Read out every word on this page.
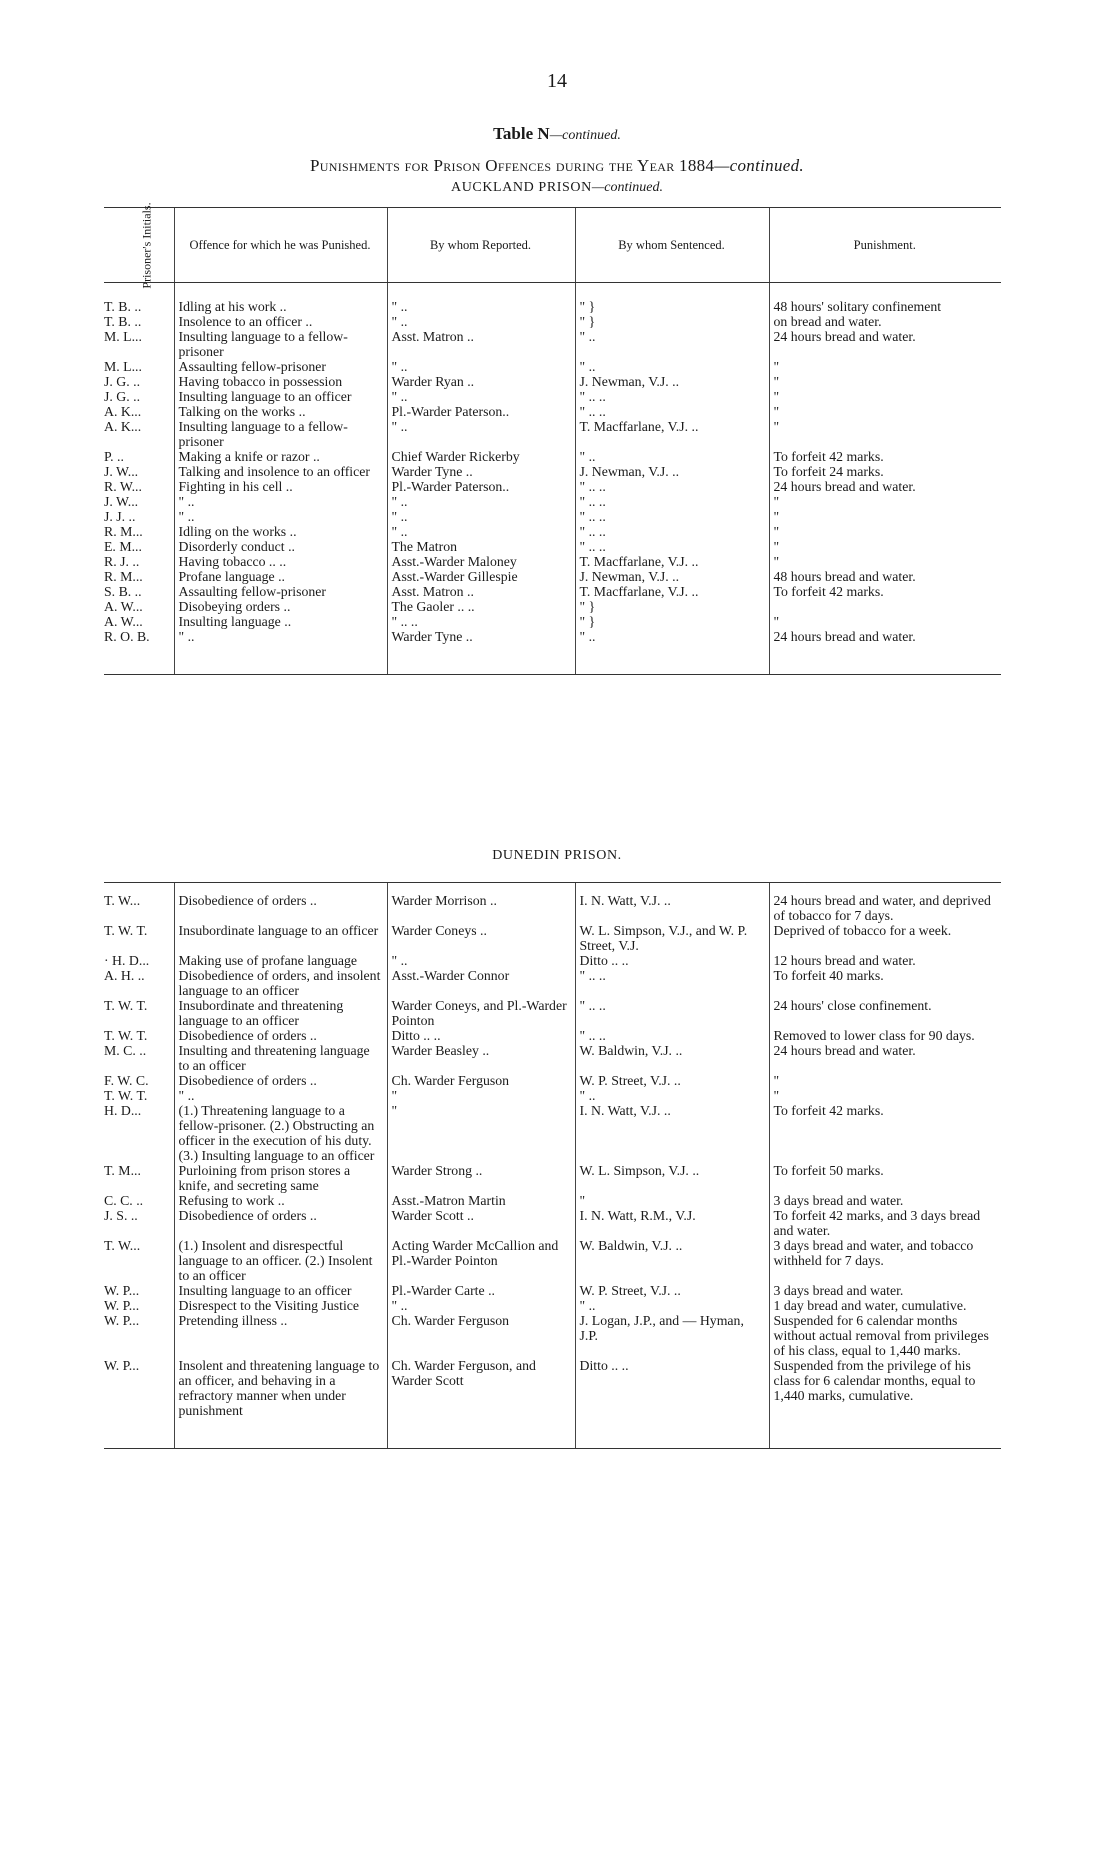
14
Table N—continued.
Punishments for Prison Offences during the Year 1884—continued.
AUCKLAND PRISON—continued.
Prisoner's Initials.	Offence for which he was Punished.	By whom Reported.	By whom Sentenced.	Punishment.
T. B. ..	Idling at his work ..	" ..	" }	48 hours' solitary confinement
T. B. ..	Insolence to an officer ..	" ..	" }	on bread and water.
M. L...	Insulting language to a fellow-prisoner	Asst. Matron ..	" ..	24 hours bread and water.
M. L...	Assaulting fellow-prisoner	" ..	" ..	"
J. G. ..	Having tobacco in possession	Warder Ryan ..	J. Newman, V.J. ..	"
J. G. ..	Insulting language to an officer	" ..	" .. ..	"
A. K...	Talking on the works ..	Pl.-Warder Paterson..	" .. ..	"
A. K...	Insulting language to a fellow-prisoner	" ..	T. Macffarlane, V.J. ..	"
P. ..	Making a knife or razor ..	Chief Warder Rickerby	" ..	To forfeit 42 marks.
J. W...	Talking and insolence to an officer	Warder Tyne ..	J. Newman, V.J. ..	To forfeit 24 marks.
R. W...	Fighting in his cell ..	Pl.-Warder Paterson..	" .. ..	24 hours bread and water.
J. W...	" ..	" ..	" .. ..	"
J. J. ..	" ..	" ..	" .. ..	"
R. M...	Idling on the works ..	" ..	" .. ..	"
E. M...	Disorderly conduct ..	The Matron	" .. ..	"
R. J. ..	Having tobacco .. ..	Asst.-Warder Maloney	T. Macffarlane, V.J. ..	"
R. M...	Profane language ..	Asst.-Warder Gillespie	J. Newman, V.J. ..	48 hours bread and water.
S. B. ..	Assaulting fellow-prisoner	Asst. Matron ..	T. Macffarlane, V.J. ..	To forfeit 42 marks.
A. W...	Disobeying orders ..	The Gaoler .. ..	" }	
A. W...	Insulting language ..	" .. ..	" }	"
R. O. B.	" ..	Warder Tyne ..	" ..	24 hours bread and water.

DUNEDIN PRISON.

T. W...	Disobedience of orders ..	Warder Morrison ..	I. N. Watt, V.J. ..	24 hours bread and water, and deprived of tobacco for 7 days.
T. W. T.	Insubordinate language to an officer	Warder Coneys ..	W. L. Simpson, V.J., and W. P. Street, V.J.	Deprived of tobacco for a week.
· H. D...	Making use of profane language	" ..	Ditto .. ..	12 hours bread and water.
A. H. ..	Disobedience of orders, and insolent language to an officer	Asst.-Warder Connor	" .. ..	To forfeit 40 marks.
T. W. T.	Insubordinate and threatening language to an officer	Warder Coneys, and Pl.-Warder Pointon	" .. ..	24 hours' close confinement.
T. W. T.	Disobedience of orders ..	Ditto .. ..	" .. ..	Removed to lower class for 90 days.
M. C. ..	Insulting and threatening language to an officer	Warder Beasley ..	W. Baldwin, V.J. ..	24 hours bread and water.
F. W. C.	Disobedience of orders ..	Ch. Warder Ferguson	W. P. Street, V.J. ..	"
T. W. T.	" ..	"	" ..	"
H. D...	(1.) Threatening language to a fellow-prisoner. (2.) Obstructing an officer in the execution of his duty. (3.) Insulting language to an officer	"	I. N. Watt, V.J. ..	To forfeit 42 marks.
T. M...	Purloining from prison stores a knife, and secreting same	Warder Strong ..	W. L. Simpson, V.J. ..	To forfeit 50 marks.
C. C. ..	Refusing to work ..	Asst.-Matron Martin	"	3 days bread and water.
J. S. ..	Disobedience of orders ..	Warder Scott ..	I. N. Watt, R.M., V.J.	To forfeit 42 marks, and 3 days bread and water.
T. W...	(1.) Insolent and disrespectful language to an officer. (2.) Insolent to an officer	Acting Warder McCallion and Pl.-Warder Pointon	W. Baldwin, V.J. ..	3 days bread and water, and tobacco withheld for 7 days.
W. P...	Insulting language to an officer	Pl.-Warder Carte ..	W. P. Street, V.J. ..	3 days bread and water.
W. P...	Disrespect to the Visiting Justice	" ..	" ..	1 day bread and water, cumulative.
W. P...	Pretending illness ..	Ch. Warder Ferguson	J. Logan, J.P., and — Hyman, J.P.	Suspended for 6 calendar months without actual removal from privileges of his class, equal to 1,440 marks.
W. P...	Insolent and threatening language to an officer, and behaving in a refractory manner when under punishment	Ch. Warder Ferguson, and Warder Scott	Ditto .. ..	Suspended from the privilege of his class for 6 calendar months, equal to 1,440 marks, cumulative.
